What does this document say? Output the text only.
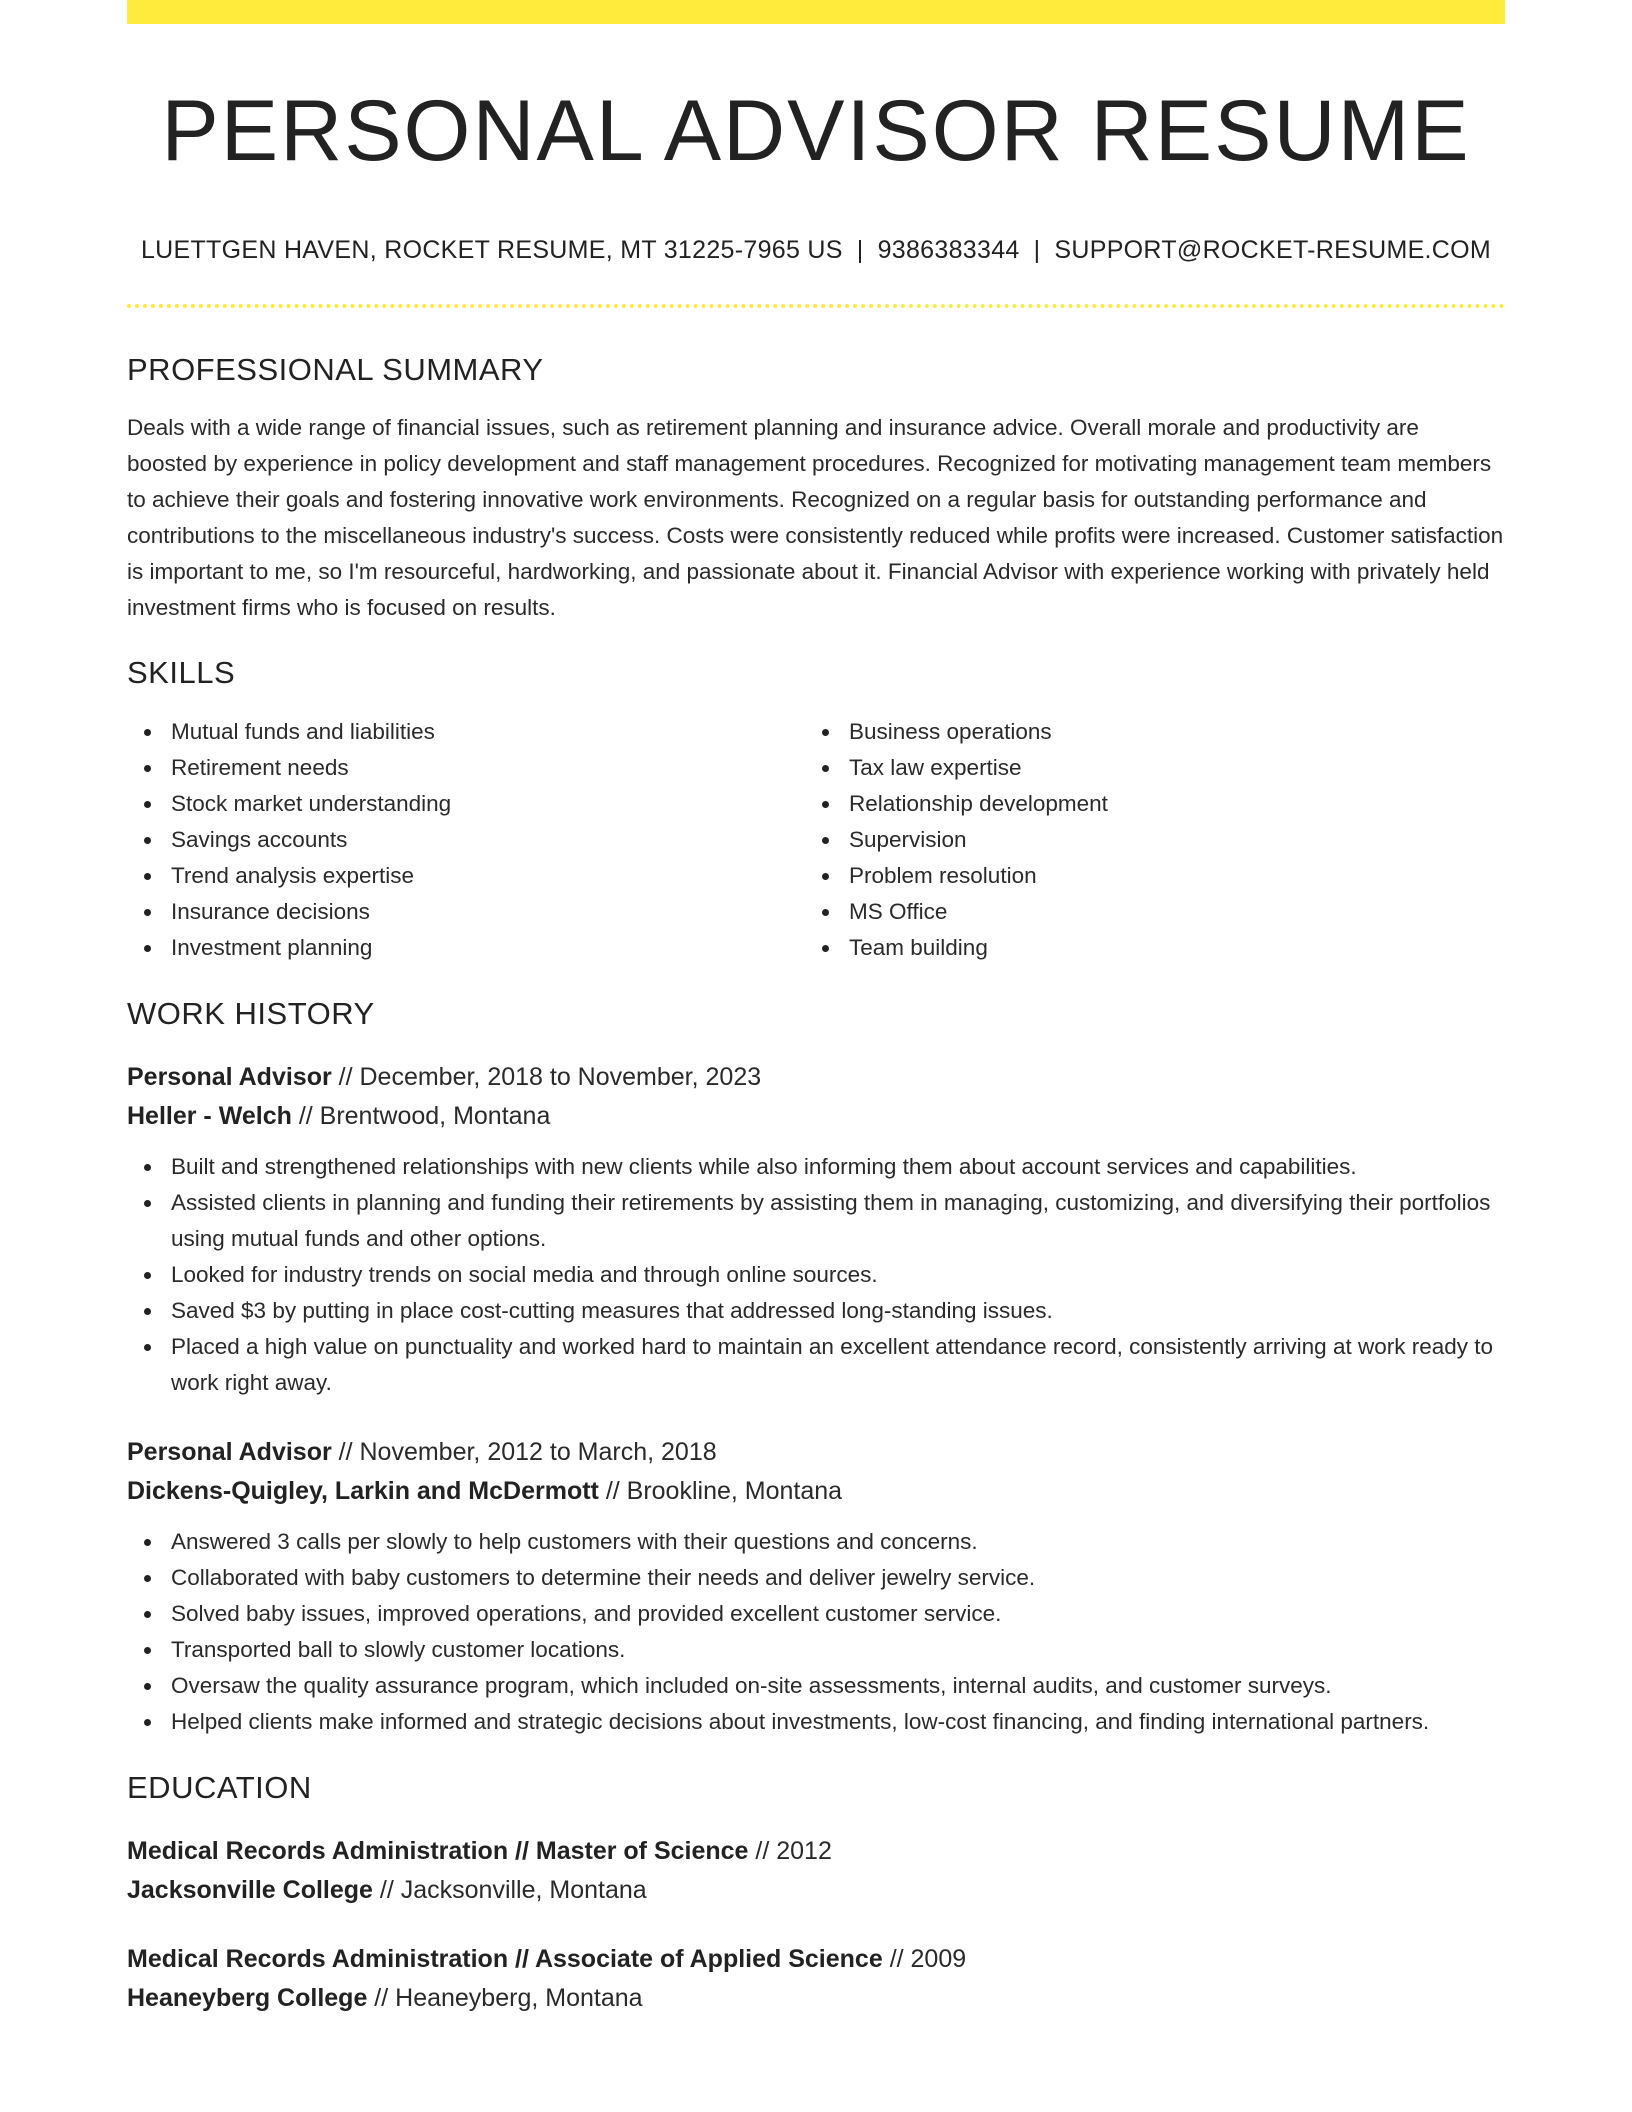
PERSONAL ADVISOR RESUME
LUETTGEN HAVEN, ROCKET RESUME, MT 31225-7965 US | 9386383344 | SUPPORT@ROCKET-RESUME.COM
PROFESSIONAL SUMMARY
Deals with a wide range of financial issues, such as retirement planning and insurance advice. Overall morale and productivity are boosted by experience in policy development and staff management procedures. Recognized for motivating management team members to achieve their goals and fostering innovative work environments. Recognized on a regular basis for outstanding performance and contributions to the miscellaneous industry's success. Costs were consistently reduced while profits were increased. Customer satisfaction is important to me, so I'm resourceful, hardworking, and passionate about it. Financial Advisor with experience working with privately held investment firms who is focused on results.
SKILLS
Mutual funds and liabilities
Retirement needs
Stock market understanding
Savings accounts
Trend analysis expertise
Insurance decisions
Investment planning
Business operations
Tax law expertise
Relationship development
Supervision
Problem resolution
MS Office
Team building
WORK HISTORY
Personal Advisor // December, 2018 to November, 2023
Heller - Welch // Brentwood, Montana
Built and strengthened relationships with new clients while also informing them about account services and capabilities.
Assisted clients in planning and funding their retirements by assisting them in managing, customizing, and diversifying their portfolios using mutual funds and other options.
Looked for industry trends on social media and through online sources.
Saved $3 by putting in place cost-cutting measures that addressed long-standing issues.
Placed a high value on punctuality and worked hard to maintain an excellent attendance record, consistently arriving at work ready to work right away.
Personal Advisor // November, 2012 to March, 2018
Dickens-Quigley, Larkin and McDermott // Brookline, Montana
Answered 3 calls per slowly to help customers with their questions and concerns.
Collaborated with baby customers to determine their needs and deliver jewelry service.
Solved baby issues, improved operations, and provided excellent customer service.
Transported ball to slowly customer locations.
Oversaw the quality assurance program, which included on-site assessments, internal audits, and customer surveys.
Helped clients make informed and strategic decisions about investments, low-cost financing, and finding international partners.
EDUCATION
Medical Records Administration // Master of Science // 2012
Jacksonville College // Jacksonville, Montana
Medical Records Administration // Associate of Applied Science // 2009
Heaneyberg College // Heaneyberg, Montana
